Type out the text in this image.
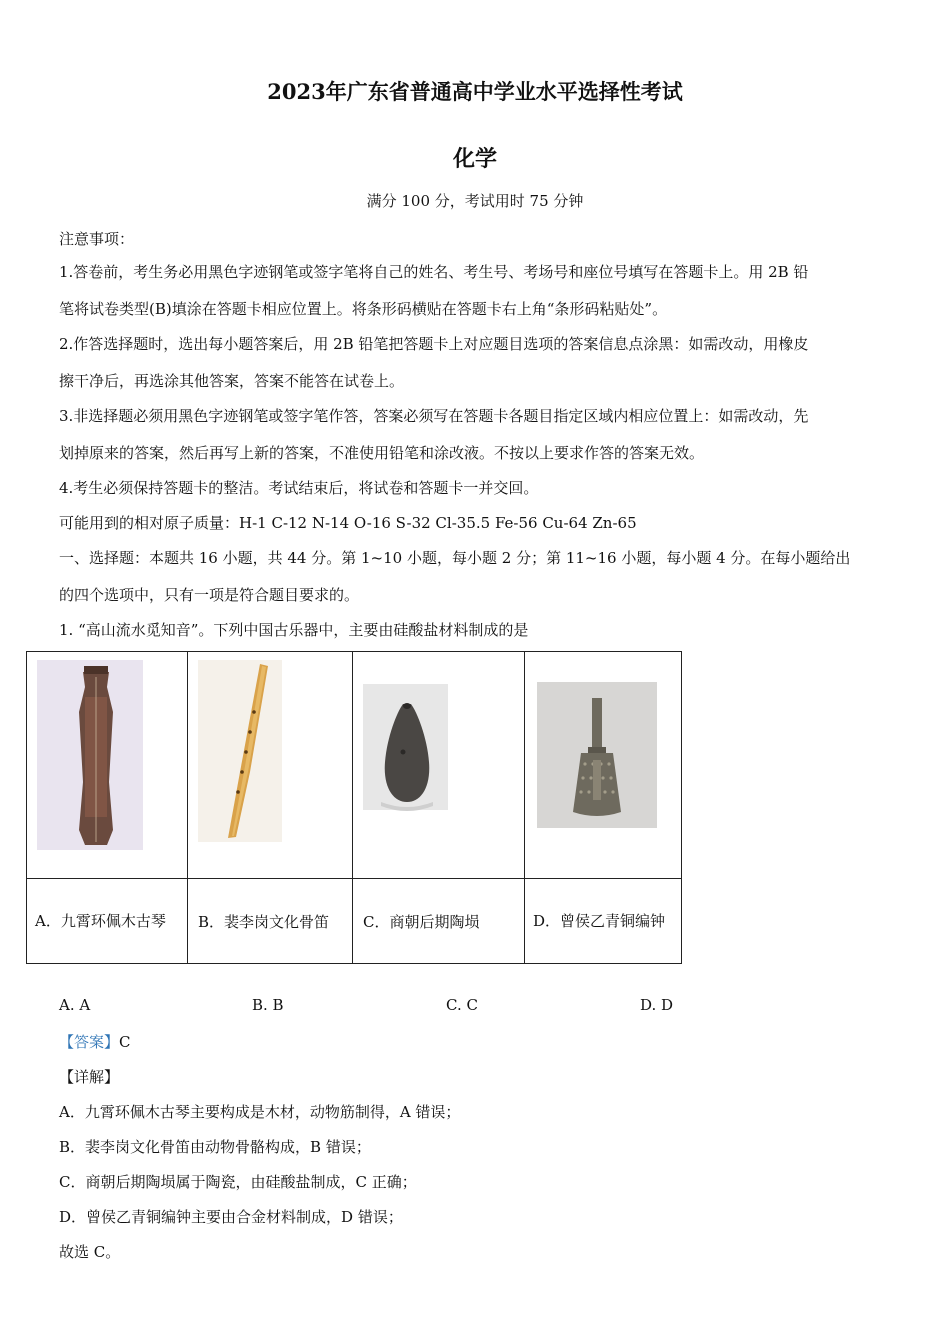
2023年广东省普通高中学业水平选择性考试
化学
满分 100 分，考试用时 75 分钟
注意事项：
1.答卷前，考生务必用黑色字迹钢笔或签字笔将自己的姓名、考生号、考场号和座位号填写在答题卡上。用 2B 铅
笔将试卷类型(B)填涂在答题卡相应位置上。将条形码横贴在答题卡右上角“条形码粘贴处”。
2.作答选择题时，选出每小题答案后，用 2B 铅笔把答题卡上对应题目选项的答案信息点涂黑：如需改动，用橡皮
擦干净后，再选涂其他答案，答案不能答在试卷上。
3.非选择题必须用黑色字迹钢笔或签字笔作答，答案必须写在答题卡各题目指定区域内相应位置上：如需改动，先
划掉原来的答案，然后再写上新的答案，不准使用铅笔和涂改液。不按以上要求作答的答案无效。
4.考生必须保持答题卡的整洁。考试结束后，将试卷和答题卡一并交回。
可能用到的相对原子质量：H-1 C-12 N-14 O-16 S-32 Cl-35.5 Fe-56 Cu-64 Zn-65
一、选择题：本题共 16 小题，共 44 分。第 1~10 小题，每小题 2 分；第 11~16 小题，每小题 4 分。在每小题给出
的四个选项中，只有一项是符合题目要求的。
1. “高山流水觅知音”。下列中国古乐器中，主要由硅酸盐材料制成的是

A．九霄环佩木古琴	B．裴李岗文化骨笛	C．商朝后期陶埙	D．曾侯乙青铜编钟
A. A	B. B	C. C	D. D
【答案】C
【详解】
A．九霄环佩木古琴主要构成是木材，动物筋制得，A 错误；
B．裴李岗文化骨笛由动物骨骼构成，B 错误；
C．商朝后期陶埙属于陶瓷，由硅酸盐制成，C 正确；
D．曾侯乙青铜编钟主要由合金材料制成，D 错误；
故选 C。
